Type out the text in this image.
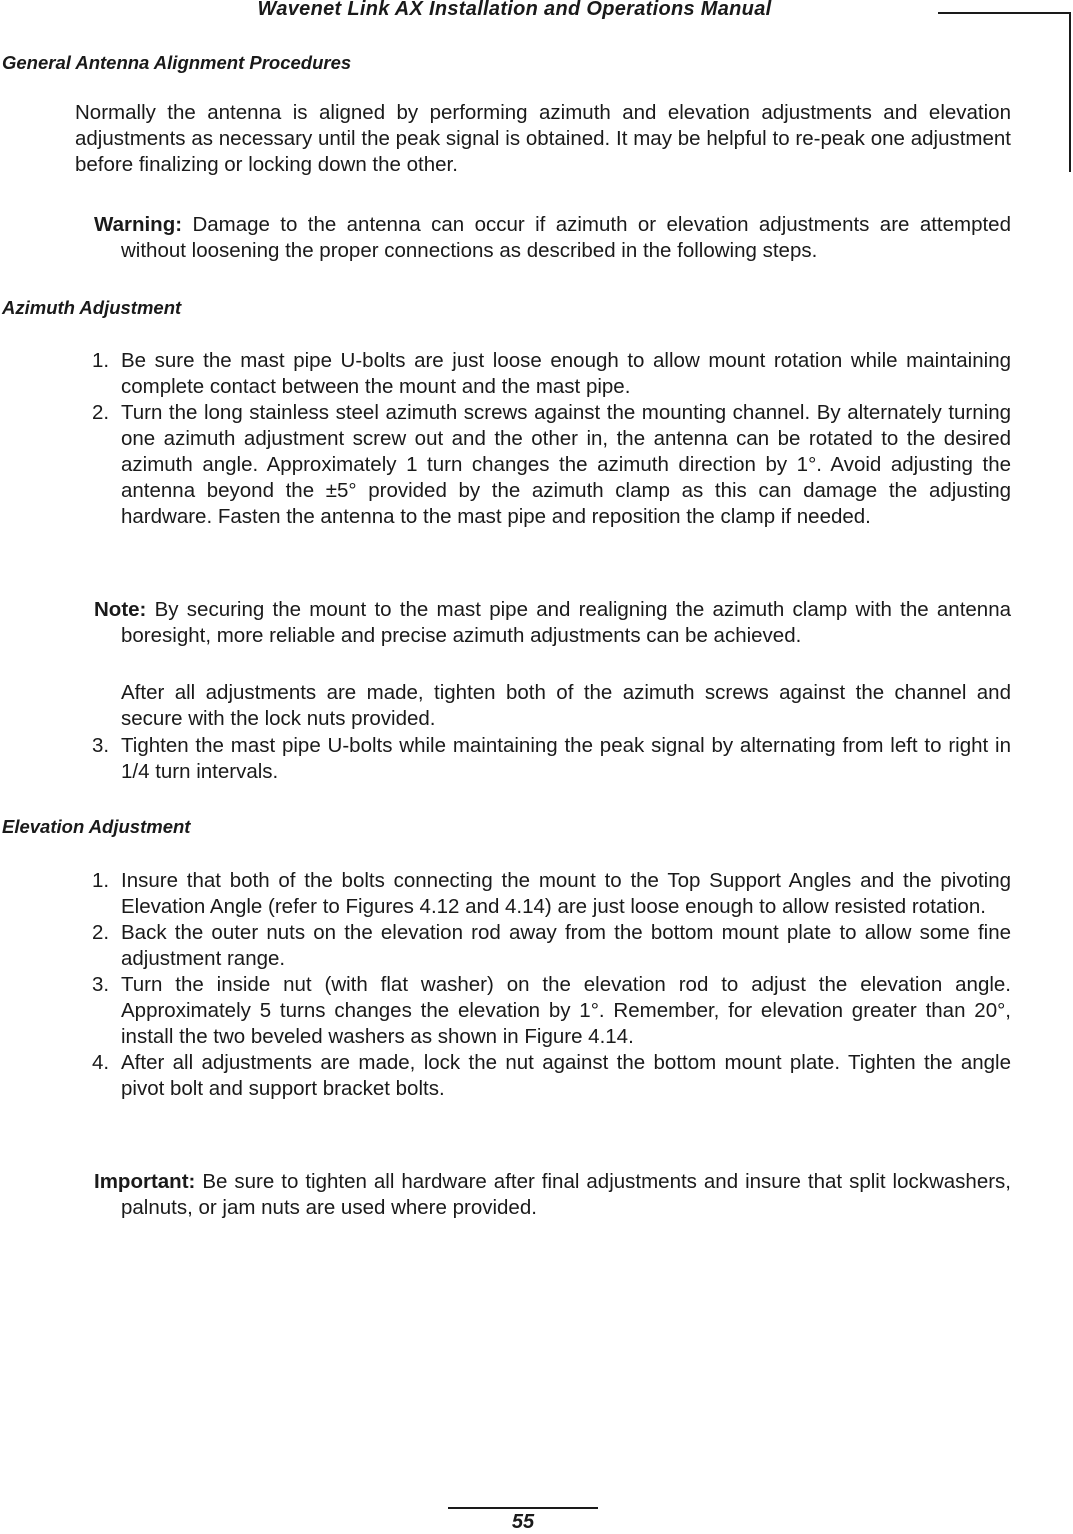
Wavenet Link AX Installation and Operations Manual
General Antenna Alignment Procedures
Normally the antenna is aligned by performing azimuth and elevation adjustments and elevation adjustments as necessary until the peak signal is obtained. It may be helpful to re-peak one adjustment before finalizing or locking down the other.
Warning: Damage to the antenna can occur if azimuth or elevation adjustments are attempted without loosening the proper connections as described in the following steps.
Azimuth Adjustment
1. Be sure the mast pipe U-bolts are just loose enough to allow mount rotation while maintaining complete contact between the mount and the mast pipe.
2. Turn the long stainless steel azimuth screws against the mounting channel. By alternately turning one azimuth adjustment screw out and the other in, the antenna can be rotated to the desired azimuth angle. Approximately 1 turn changes the azimuth direction by 1°. Avoid adjusting the antenna beyond the ±5° provided by the azimuth clamp as this can damage the adjusting hardware. Fasten the antenna to the mast pipe and reposition the clamp if needed.
Note: By securing the mount to the mast pipe and realigning the azimuth clamp with the antenna boresight, more reliable and precise azimuth adjustments can be achieved.
After all adjustments are made, tighten both of the azimuth screws against the channel and secure with the lock nuts provided.
3. Tighten the mast pipe U-bolts while maintaining the peak signal by alternating from left to right in 1/4 turn intervals.
Elevation Adjustment
1. Insure that both of the bolts connecting the mount to the Top Support Angles and the pivoting Elevation Angle (refer to Figures 4.12 and 4.14) are just loose enough to allow resisted rotation.
2. Back the outer nuts on the elevation rod away from the bottom mount plate to allow some fine adjustment range.
3. Turn the inside nut (with flat washer) on the elevation rod to adjust the elevation angle. Approximately 5 turns changes the elevation by 1°. Remember, for elevation greater than 20°, install the two beveled washers as shown in Figure 4.14.
4. After all adjustments are made, lock the nut against the bottom mount plate. Tighten the angle pivot bolt and support bracket bolts.
Important: Be sure to tighten all hardware after final adjustments and insure that split lockwashers, palnuts, or jam nuts are used where provided.
55
